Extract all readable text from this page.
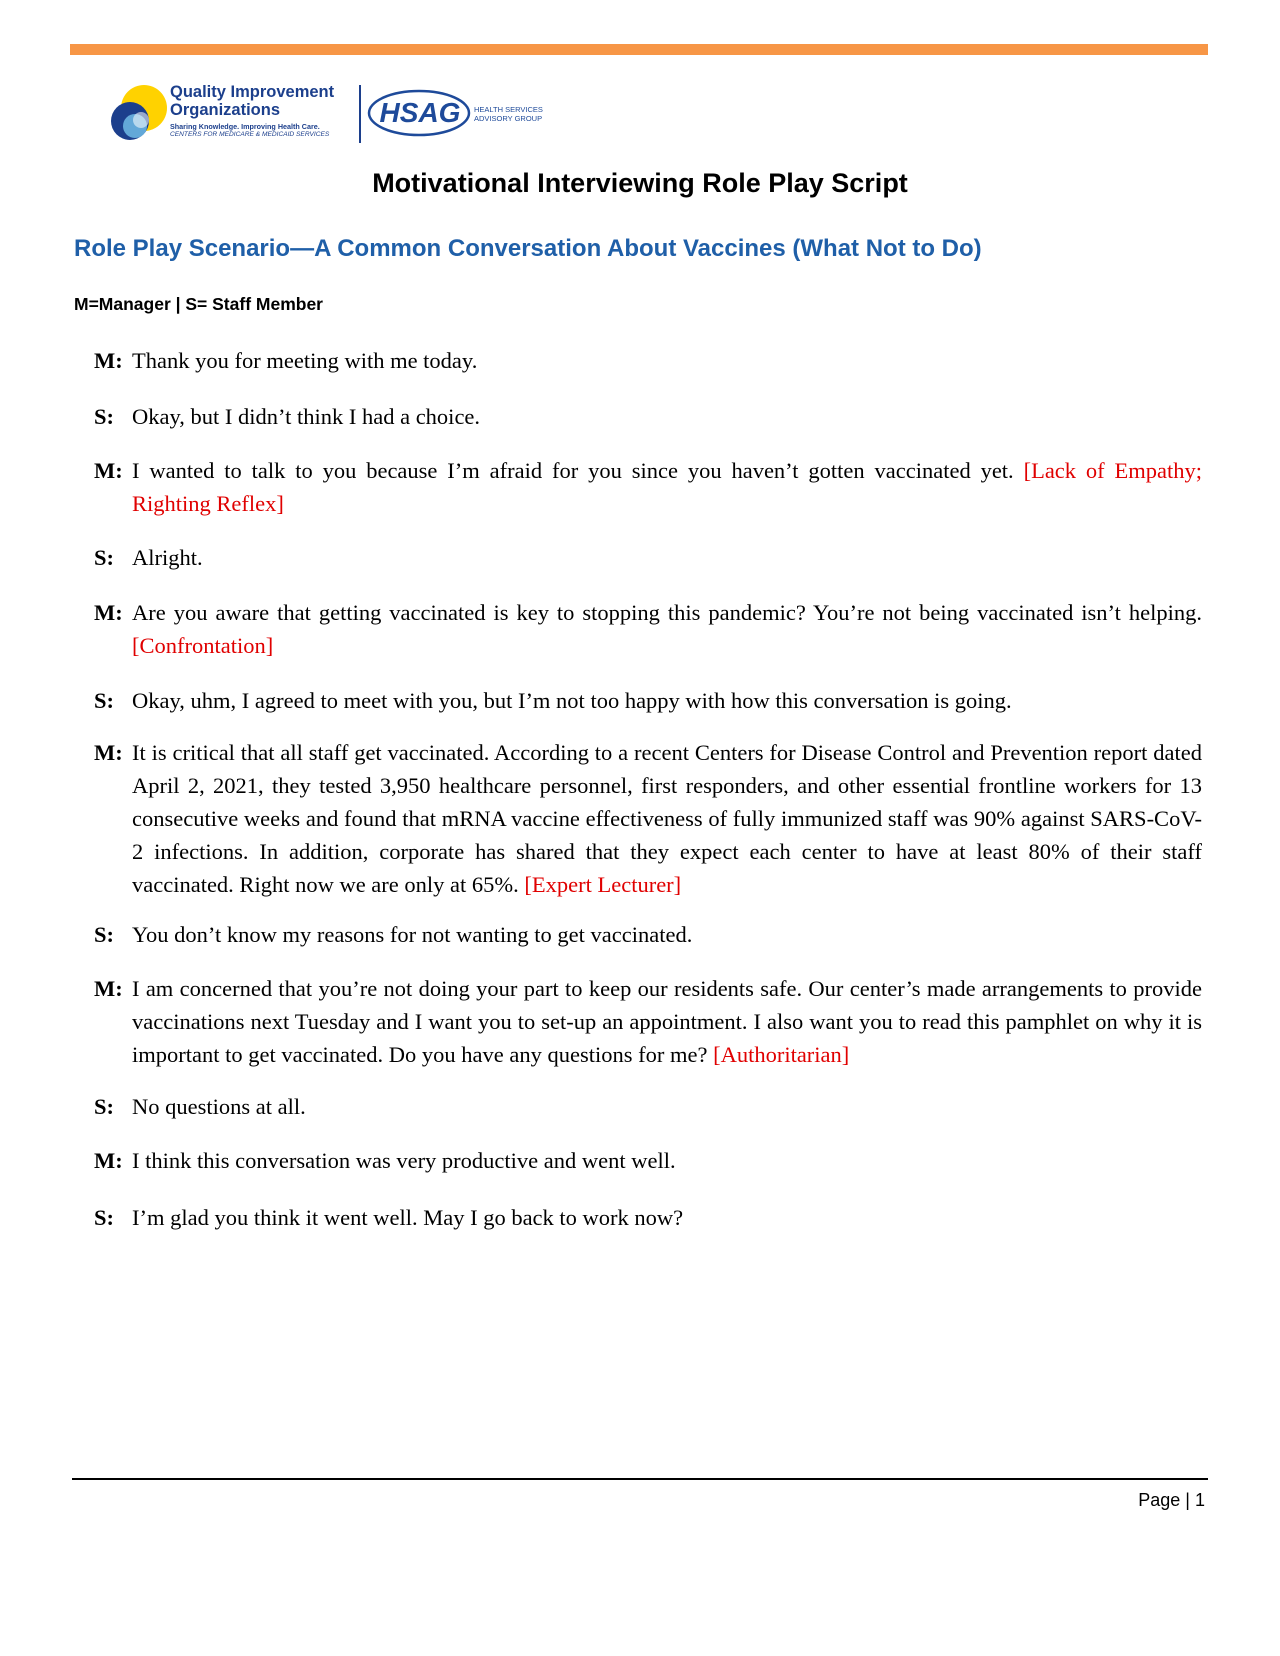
Quality Improvement
Organizations
Sharing Knowledge. Improving Health Care.
CENTERS FOR MEDICARE & MEDICAID SERVICES
HSAG HEALTH SERVICES
ADVISORY GROUP
Motivational Interviewing Role Play Script
Role Play Scenario—A Common Conversation About Vaccines (What Not to Do)
M=Manager | S= Staff Member
M: Thank you for meeting with me today.
S: Okay, but I didn’t think I had a choice.
M: I wanted to talk to you because I’m afraid for you since you haven’t gotten vaccinated yet. [Lack of Empathy; Righting Reflex]
S: Alright.
M: Are you aware that getting vaccinated is key to stopping this pandemic? You’re not being vaccinated isn’t helping. [Confrontation]
S: Okay, uhm, I agreed to meet with you, but I’m not too happy with how this conversation is going.
M: It is critical that all staff get vaccinated. According to a recent Centers for Disease Control and Prevention report dated April 2, 2021, they tested 3,950 healthcare personnel, first responders, and other essential frontline workers for 13 consecutive weeks and found that mRNA vaccine effectiveness of fully immunized staff was 90% against SARS-CoV-2 infections. In addition, corporate has shared that they expect each center to have at least 80% of their staff vaccinated. Right now we are only at 65%. [Expert Lecturer]
S: You don’t know my reasons for not wanting to get vaccinated.
M: I am concerned that you’re not doing your part to keep our residents safe. Our center’s made arrangements to provide vaccinations next Tuesday and I want you to set-up an appointment. I also want you to read this pamphlet on why it is important to get vaccinated. Do you have any questions for me? [Authoritarian]
S: No questions at all.
M: I think this conversation was very productive and went well.
S: I’m glad you think it went well. May I go back to work now?
Page | 1
